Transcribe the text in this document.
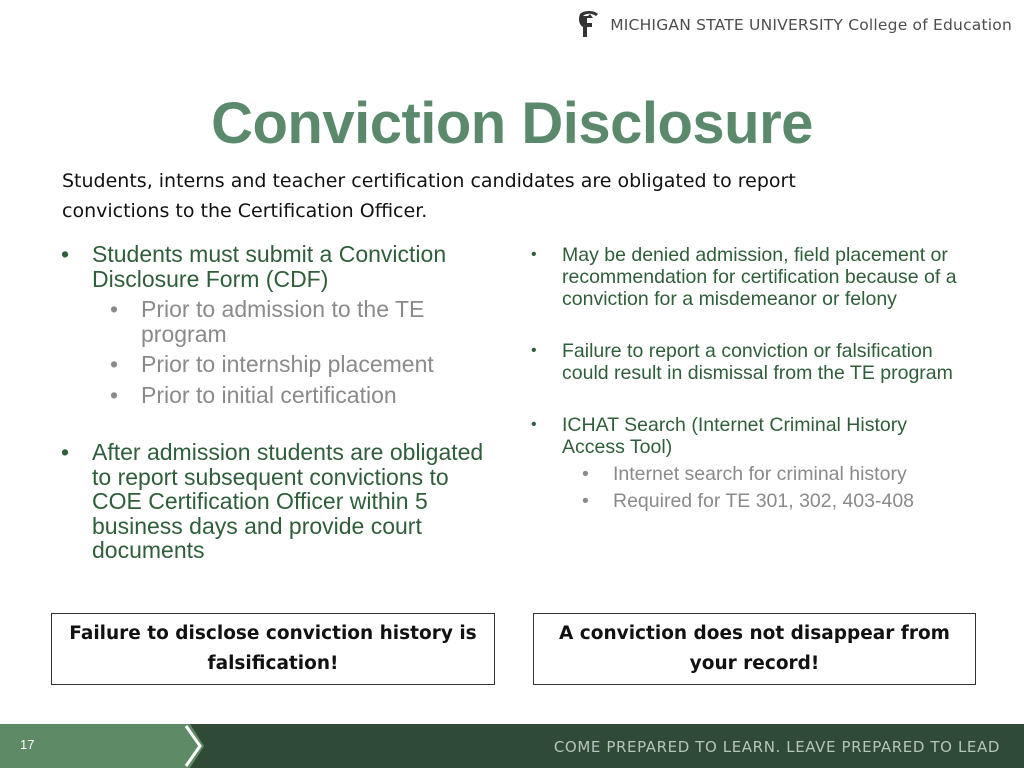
MICHIGAN STATE UNIVERSITY College of Education
Conviction Disclosure
Students, interns and teacher certification candidates are obligated to report convictions to the Certification Officer.
• Students must submit a Conviction Disclosure Form (CDF)
• Prior to admission to the TE program
• Prior to internship placement
• Prior to initial certification
• After admission students are obligated to report subsequent convictions to COE Certification Officer within 5 business days and provide court documents
• May be denied admission, field placement or recommendation for certification because of a conviction for a misdemeanor or felony
• Failure to report a conviction or falsification could result in dismissal from the TE program
• ICHAT Search (Internet Criminal History Access Tool)
• Internet search for criminal history
• Required for TE 301, 302, 403-408
Failure to disclose conviction history is falsification!
A conviction does not disappear from your record!
17	COME PREPARED TO LEARN. LEAVE PREPARED TO LEAD
